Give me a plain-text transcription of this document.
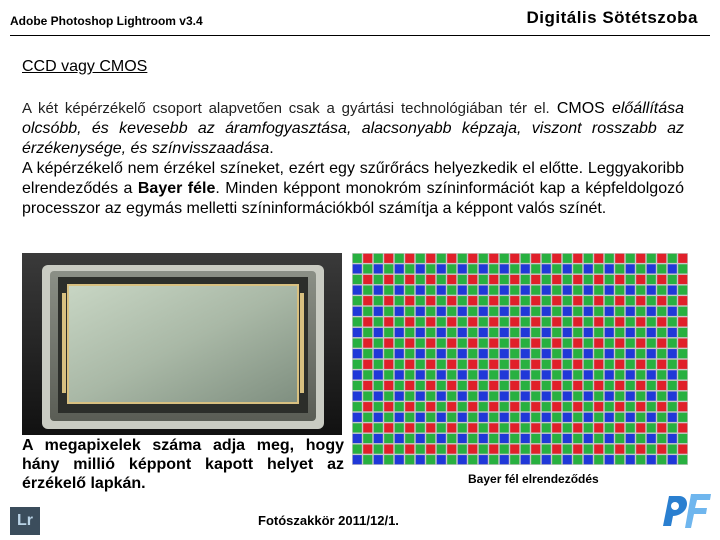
Adobe Photoshop Lightroom v3.4	Digitális Sötétszoba
CCD vagy CMOS

A két képérzékelő csoport alapvetően csak a gyártási technológiában tér el. CMOS előállítása olcsóbb, és kevesebb az áramfogyasztása, alacsonyabb képzaja, viszont rosszabb az érzékenysége, és színvisszaadása.

A képérzékelő nem érzékel színeket, ezért egy szűrőrács helyezkedik el előtte. Leggyakoribb elrendeződés a Bayer féle. Minden képpont monokróm színinformációt kap a képfeldolgozó processzor az egymás melletti színinformációkból számítja a képpont valós színét.

A megapixelek száma adja meg, hogy hány millió képpont kapott helyet az érzékelő lapkán.	Bayer fél elrendeződés
Lr	Fotószakkör 2011/12/1.
